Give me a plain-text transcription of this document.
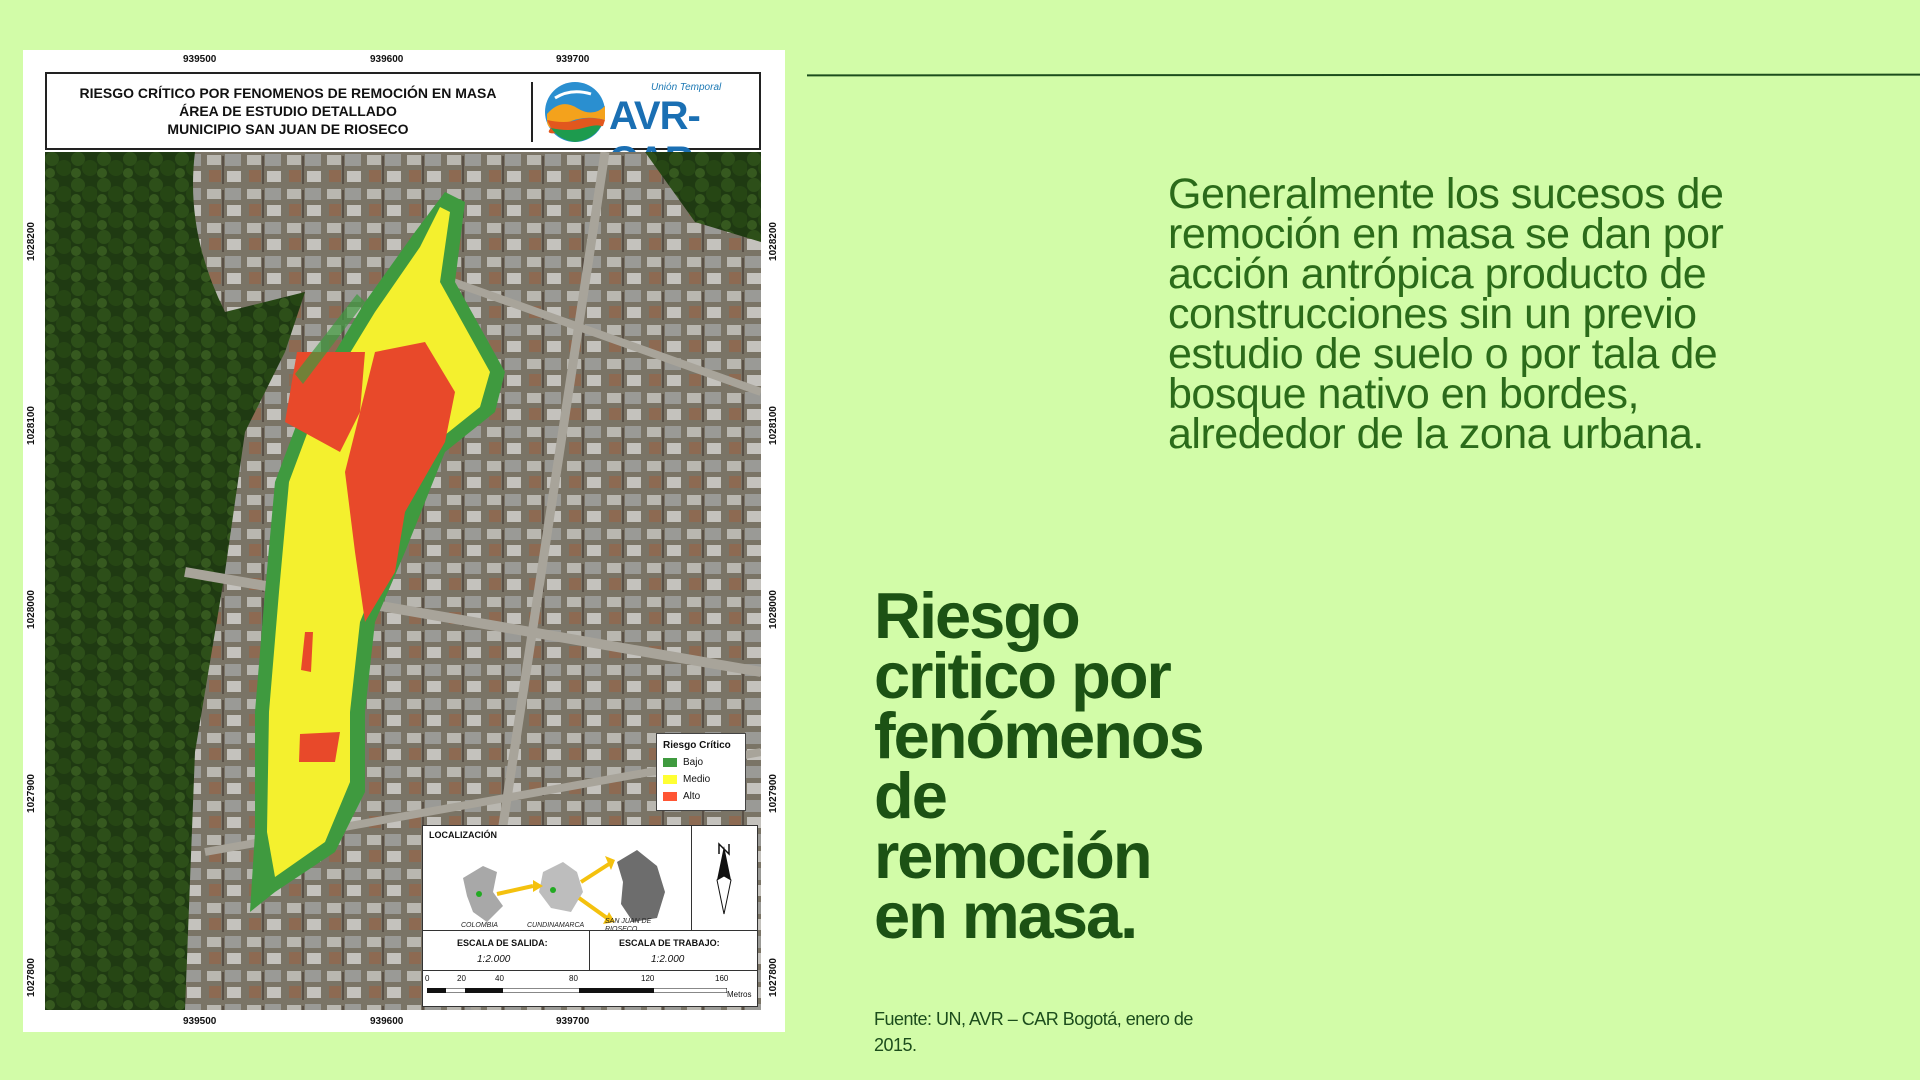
939500	939600	939700
939500	939600	939700
1028200
1028100
1028000
1027900
1027800
1028200
1028100
1028000
1027900
1027800
RIESGO CRÍTICO POR FENOMENOS DE REMOCIÓN EN MASA
ÁREA DE ESTUDIO DETALLADO
MUNICIPIO SAN JUAN DE RIOSECO
Unión Temporal
AVR-
Riesgo Crítico
Bajo
Medio
Alto
LOCALIZACIÓN
COLOMBIA	CUNDINAMARCA
SAN JUAN DE
ESCALA DE SALIDA:
1:2.000
ESCALA DE TRABAJO:
1:2.000
0	20	40	80	120	160
Metros
Generalmente los sucesos de remoción en masa se dan por acción antrópica producto de construcciones sin un previo estudio de suelo o por tala de bosque nativo en bordes, alrededor de la zona urbana.
Riesgo critico por fenómenos de remoción en masa.
Fuente: UN, AVR – CAR Bogotá, enero de 2015.
